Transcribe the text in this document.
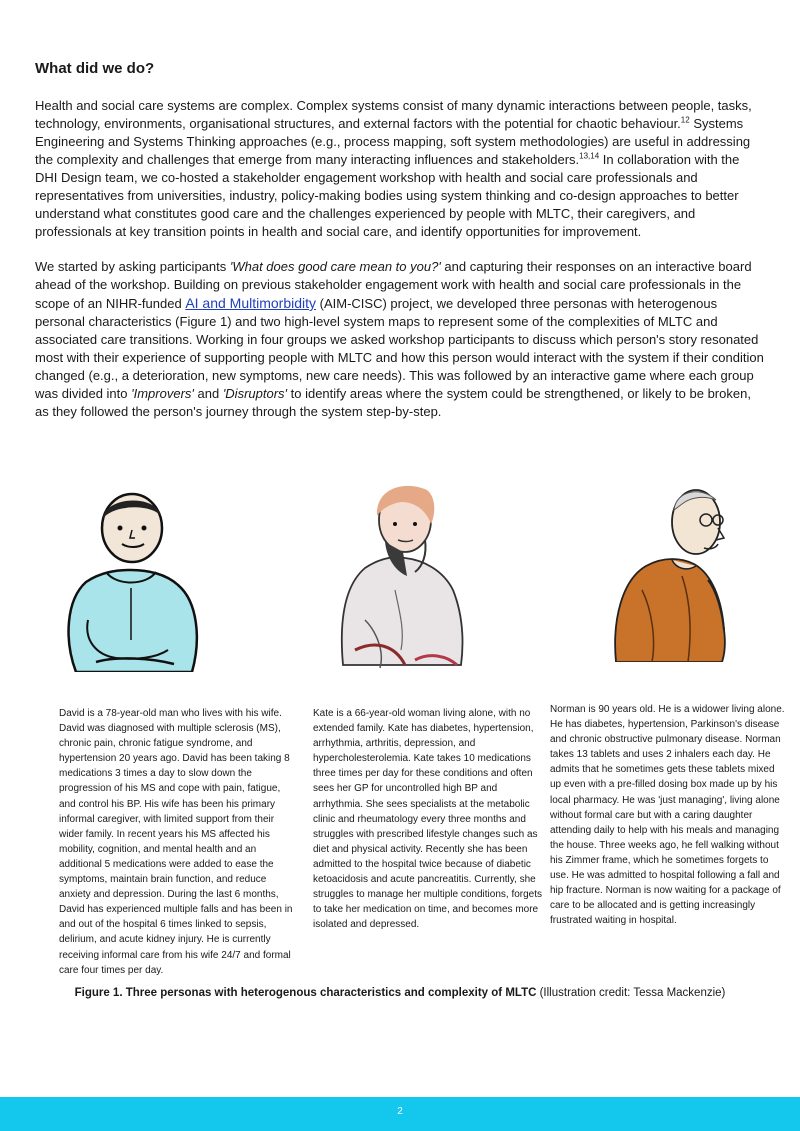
What did we do?

Health and social care systems are complex. Complex systems consist of many dynamic interactions between people, tasks, technology, environments, organisational structures, and external factors with the potential for chaotic behaviour.$^{12}$ Systems Engineering and Systems Thinking approaches (e.g., process mapping, soft system methodologies) are useful in addressing the complexity and challenges that emerge from many interacting influences and stakeholders.$^{13,14}$ In collaboration with the DHI Design team, we co-hosted a stakeholder engagement workshop with health and social care professionals and representatives from universities, industry, policy-making bodies using system thinking and co-design approaches to better understand what constitutes good care and the challenges experienced by people with MLTC, their caregivers, and professionals at key transition points in health and social care, and identify opportunities for improvement.

We started by asking participants 'What does good care mean to you?' and capturing their responses on an interactive board ahead of the workshop. Building on previous stakeholder engagement work with health and social care professionals in the scope of an NIHR-funded AI and Multimorbidity (AIM-CISC) project, we developed three personas with heterogenous personal characteristics (Figure 1) and two high-level system maps to represent some of the complexities of MLTC and associated care transitions. Working in four groups we asked workshop participants to discuss which person's story resonated most with their experience of supporting people with MLTC and how this person would interact with the system if their condition changed (e.g., a deterioration, new symptoms, new care needs). This was followed by an interactive game where each group was divided into 'Improvers' and 'Disruptors' to identify areas where the system could be strengthened, or likely to be broken, as they followed the person's journey through the system step-by-step.

David is a 78-year-old man who lives with his wife. David was diagnosed with multiple sclerosis (MS), chronic pain, chronic fatigue syndrome, and hypertension 20 years ago. David has been taking 8 medications 3 times a day to slow down the progression of his MS and cope with pain, fatigue, and control his BP. His wife has been his primary informal caregiver, with limited support from their wider family. In recent years his MS affected his mobility, cognition, and mental health and an additional 5 medications were added to ease the symptoms, maintain brain function, and reduce anxiety and depression. During the last 6 months, David has experienced multiple falls and has been in and out of the hospital 6 times linked to sepsis, delirium, and acute kidney injury. He is currently receiving informal care from his wife 24/7 and formal care four times per day.

Kate is a 66-year-old woman living alone, with no extended family. Kate has diabetes, hypertension, arrhythmia, arthritis, depression, and hypercholesterolemia. Kate takes 10 medications three times per day for these conditions and often sees her GP for uncontrolled high BP and arrhythmia. She sees specialists at the metabolic clinic and rheumatology every three months and struggles with prescribed lifestyle changes such as diet and physical activity. Recently she has been admitted to the hospital twice because of diabetic ketoacidosis and acute pancreatitis. Currently, she struggles to manage her multiple conditions, forgets to take her medication on time, and becomes more isolated and depressed.

Norman is 90 years old. He is a widower living alone. He has diabetes, hypertension, Parkinson's disease and chronic obstructive pulmonary disease. Norman takes 13 tablets and uses 2 inhalers each day. He admits that he sometimes gets these tablets mixed up even with a pre-filled dosing box made up by his local pharmacy. He was 'just managing', living alone without formal care but with a caring daughter attending daily to help with his meals and managing the house. Three weeks ago, he fell walking without his Zimmer frame, which he sometimes forgets to use. He was admitted to hospital following a fall and hip fracture. Norman is now waiting for a package of care to be allocated and is getting increasingly frustrated waiting in hospital.

Figure 1. Three personas with heterogenous characteristics and complexity of MLTC (Illustration credit: Tessa Mackenzie)

2
